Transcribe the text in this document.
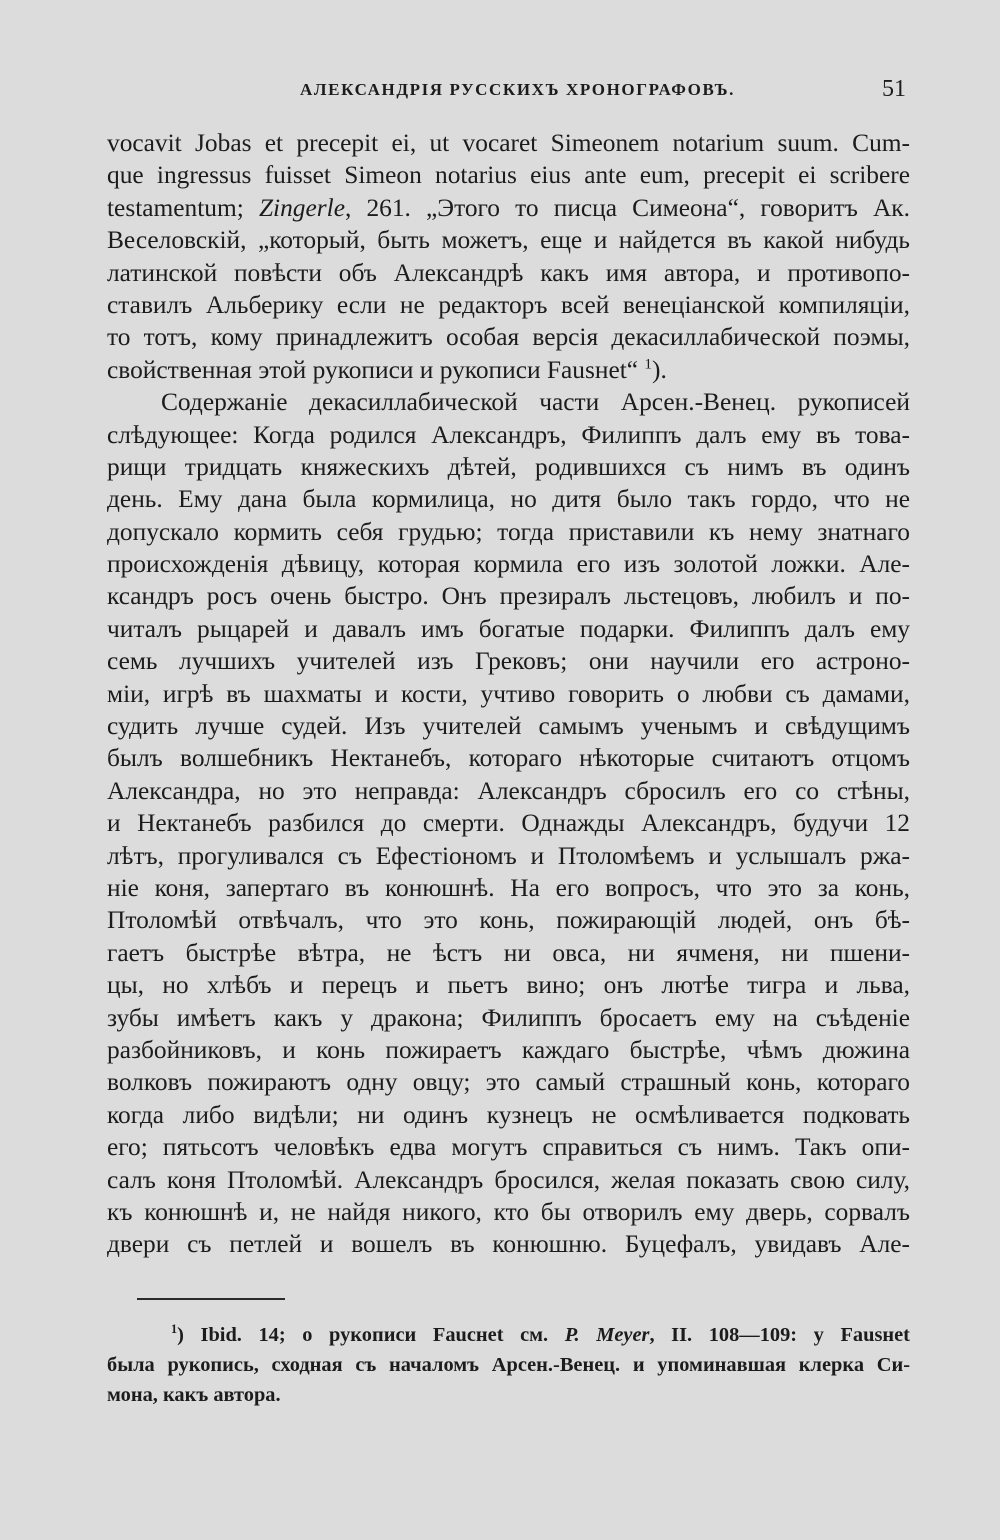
АЛЕКСАНДРІЯ РУССКИХЪ ХРОНОГРАФОВЪ.	51
vocavit Jobas et precepit ei, ut vocaret Simeonem notarium suum. Cum-
que ingressus fuisset Simeon notarius eius ante eum, precepit ei scribere
testamentum; Zingerle, 261. „Этого то писца Симеона“, говоритъ Ак.
Веселовскій, „который, быть можетъ, еще и найдется въ какой нибудь
латинской повѣсти объ Александрѣ какъ имя автора, и противопо-
ставилъ Альберику если не редакторъ всей венеціанской компиляціи,
то тотъ, кому принадлежитъ особая версія декасиллабической поэмы,
свойственная этой рукописи и рукописи Fausʜet“ $^1$).
Содержаніе декасиллабической части Арсен.-Венец. рукописей
слѣдующее: Когда родился Александръ, Филиппъ далъ ему въ това-
рищи тридцать княжескихъ дѣтей, родившихся съ нимъ въ одинъ
день. Ему дана была кормилица, но дитя было такъ гордо, что не
допускало кормить себя грудью; тогда приставили къ нему знатнаго
происхожденія дѣвицу, которая кормила его изъ золотой ложки. Але-
ксандръ росъ очень быстро. Онъ презиралъ льстецовъ, любилъ и по-
читалъ рыцарей и давалъ имъ богатые подарки. Филиппъ далъ ему
семь лучшихъ учителей изъ Грековъ; они научили его астроно-
міи, игрѣ въ шахматы и кости, учтиво говорить о любви съ дамами,
судить лучше судей. Изъ учителей самымъ ученымъ и свѣдущимъ
былъ волшебникъ Нектанебъ, котораго нѣкоторые считаютъ отцомъ
Александра, но это неправда: Александръ сбросилъ его со стѣны,
и Нектанебъ разбился до смерти. Однажды Александръ, будучи 12
лѣтъ, прогуливался съ Ефестіономъ и Птоломѣемъ и услышалъ ржа-
ніе коня, запертаго въ конюшнѣ. На его вопросъ, что это за конь,
Птоломѣй отвѣчалъ, что это конь, пожирающій людей, онъ бѣ-
гаетъ быстрѣе вѣтра, не ѣстъ ни овса, ни ячменя, ни пшени-
цы, но хлѣбъ и перецъ и пьетъ вино; онъ лютѣе тигра и льва,
зубы имѣетъ какъ у дракона; Филиппъ бросаетъ ему на съѣденіе
разбойниковъ, и конь пожираетъ каждаго быстрѣе, чѣмъ дюжина
волковъ пожираютъ одну овцу; это самый страшный конь, котораго
когда либо видѣли; ни одинъ кузнецъ не осмѣливается подковать
его; пятьсотъ человѣкъ едва могутъ справиться съ нимъ. Такъ опи-
салъ коня Птоломѣй. Александръ бросился, желая показать свою силу,
къ конюшнѣ и, не найдя никого, кто бы отворилъ ему дверь, сорвалъ
двери съ петлей и вошелъ въ конюшню. Буцефалъ, увидавъ Але-
$^1$) Ibid. 14; о рукописи Faucʜet см. P. Meyer, II. 108—109: у Fausʜet
была рукопись, сходная съ началомъ Арсен.-Венец. и упоминавшая клерка Си-
мона, какъ автора.
